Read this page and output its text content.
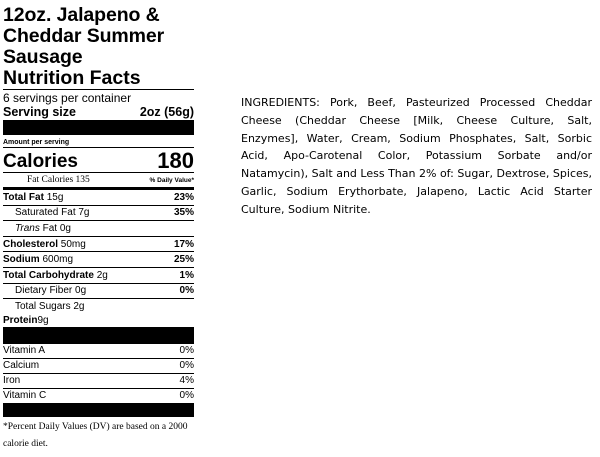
12oz. Jalapeno &
Cheddar Summer
Sausage
Nutrition Facts
6 servings per container
Serving size	2oz (56g)
Amount per serving
Calories	180
Fat Calories 135	% Daily Value*
Total Fat 15g	23%
Saturated Fat 7g	35%
Trans Fat 0g
Cholesterol 50mg	17%
Sodium 600mg	25%
Total Carbohydrate 2g	1%
Dietary Fiber 0g	0%
Total Sugars 2g
Protein 9g
Vitamin A	0%
Calcium	0%
Iron	4%
Vitamin C	0%
*Percent Daily Values (DV) are based on a 2000 calorie diet.
INGREDIENTS: Pork, Beef, Pasteurized Processed Cheddar Cheese (Cheddar Cheese [Milk, Cheese Culture, Salt, Enzymes], Water, Cream, Sodium Phosphates, Salt, Sorbic Acid, Apo-Carotenal Color, Potassium Sorbate and/or Natamycin), Salt and Less Than 2% of: Sugar, Dextrose, Spices, Garlic, Sodium Erythorbate, Jalapeno, Lactic Acid Starter Culture, Sodium Nitrite.
